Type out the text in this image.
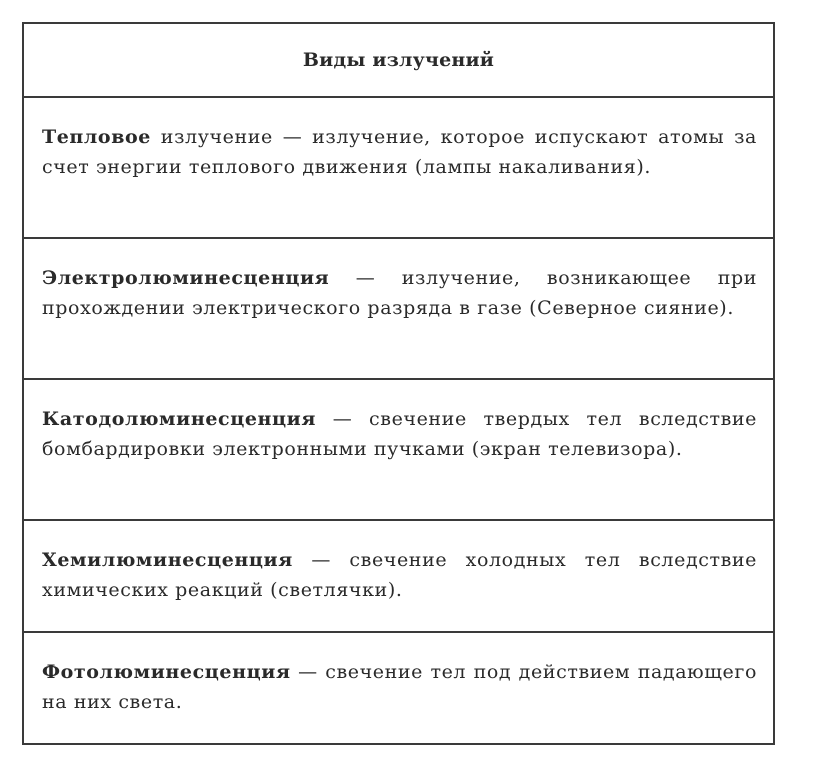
Виды излучений
Тепловое излучение — излучение, которое испускают атомы за счет энергии теплового движения (лампы накаливания).
Электролюминесценция — излучение, возникающее при прохождении электрического разряда в газе (Северное сияние).
Катодолюминесценция — свечение твердых тел вследствие бомбардировки электронными пучками (экран телевизора).
Хемилюминесценция — свечение холодных тел вследствие химических реакций (светлячки).
Фотолюминесценция — свечение тел под действием падающего на них света.
